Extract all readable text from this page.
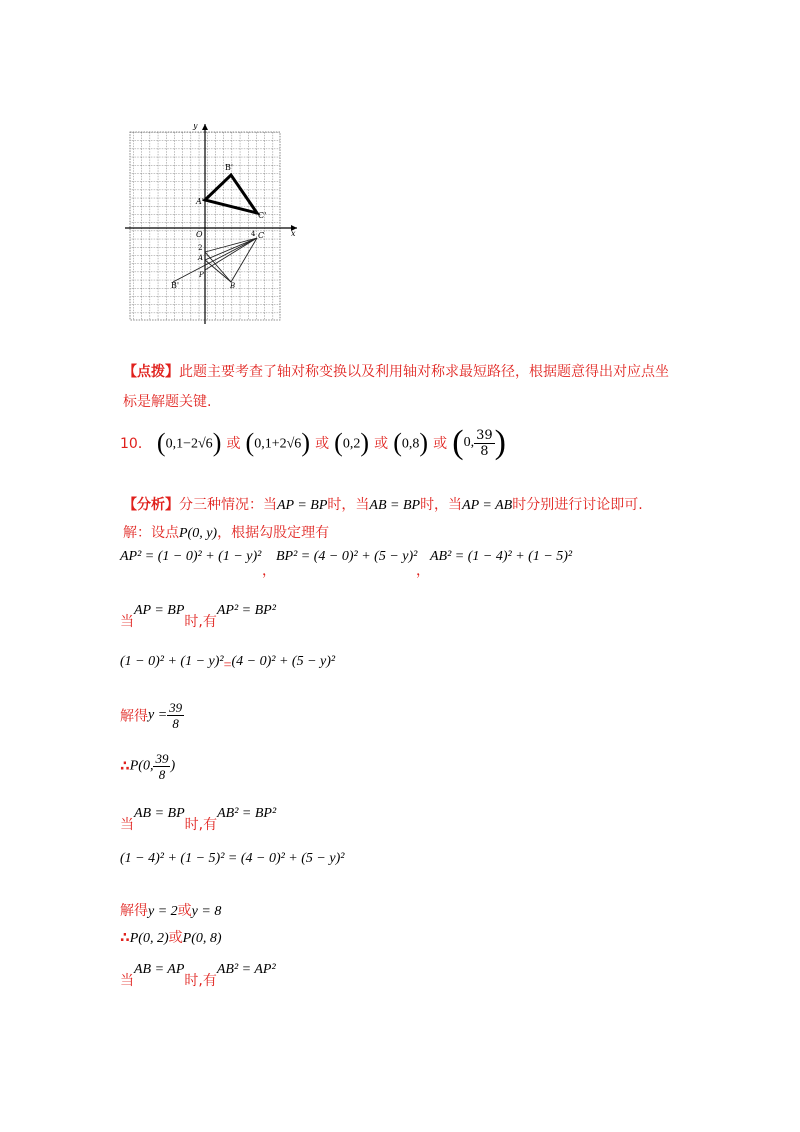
y
x
O
B'
A'
C'
C
4
2
A
P
B
B'
【点拨】此题主要考查了轴对称变换以及利用轴对称求最短路径，根据题意得出对应点坐
标是解题关键.
10． (0,1−2√6) 或 (0,1+2√6) 或 (0,2) 或 (0,8) 或 (0, $\frac{39}{8}$ )
【分析】分三种情况：当AP = BP时，当AB = BP时，当AP = AB时分别进行讨论即可.
解：设点P(0, y)，根据勾股定理有
AP² = (1 − 0)² + (1 − y)²
，
BP² = (4 − 0)² + (5 − y)²
，
AB² = (1 − 4)² + (1 − 5)²
当AP = BP时,有AP² = BP²
(1 − 0)² + (1 − y)²=(4 − 0)² + (5 − y)²
解得$y = \frac{39}{8}$
∴P(0, $\frac{39}{8}$ )
当AB = BP时,有AB² = BP²
(1 − 4)² + (1 − 5)² = (4 − 0)² + (5 − y)²
解得y = 2或y = 8
∴P(0, 2)或P(0, 8)
当AB = AP时,有AB² = AP²
